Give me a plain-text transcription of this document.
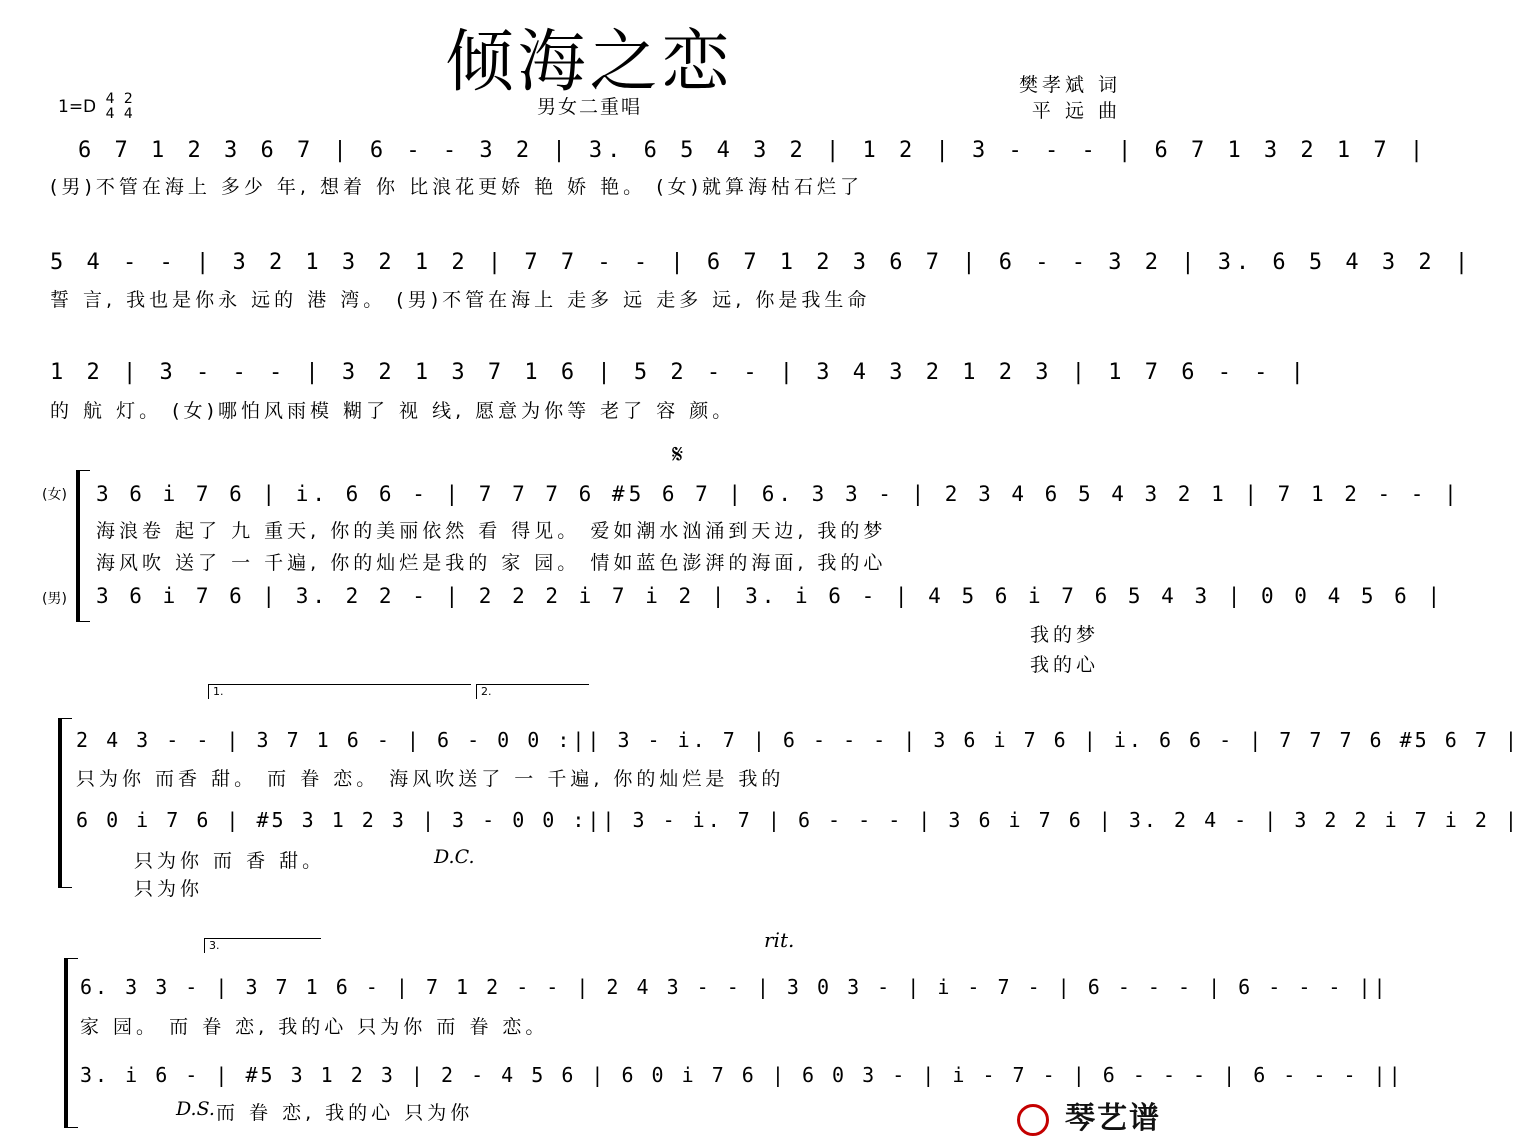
倾海之恋
男女二重唱
1=D 4
4

2
4
樊孝斌 词
平 远 曲
6 7 1 2 3 6 7 | 6 - - 3 2 | 3. 6 5 4 3 2 | 1 2 | 3 - - - | 6 7 1 3 2 1 7 |
(男)不管在海上 多少 年, 想着 你 比浪花更娇 艳 娇 艳。 (女)就算海枯石烂了
5 4 - - | 3 2 1 3 2 1 2 | 7 7 - - | 6 7 1 2 3 6 7 | 6 - - 3 2 | 3. 6 5 4 3 2 |
誓 言, 我也是你永 远的 港 湾。 (男)不管在海上 走多 远 走多 远, 你是我生命
1 2 | 3 - - - | 3 2 1 3 7 1 6 | 5 2 - - | 3 4 3 2 1 2 3 | 1 7 6 - - |
的 航 灯。 (女)哪怕风雨模 糊了 视 线, 愿意为你等 老了 容 颜。
𝄋
(女) 3 6 i 7 6 | i. 6 6 - | 7 7 7 6 #5 6 7 | 6. 3 3 - | 2 3 4 6 5 4 3 2 1 | 7 1 2 - - |
海浪卷 起了 九 重天, 你的美丽依然 看 得见。 爱如潮水汹涌到天边, 我的梦
海风吹 送了 一 千遍, 你的灿烂是我的 家 园。 情如蓝色澎湃的海面, 我的心
(男) 3 6 i 7 6 | 3. 2 2 - | 2 2 2 i 7 i 2 | 3. i 6 - | 4 5 6 i 7 6 5 4 3 | 0 0 4 5 6 |
我的梦
我的心
1.	2.
2 4 3 - - | 3 7 1 6 - | 6 - 0 0 :|| 3 - i. 7 | 6 - - - | 3 6 i 7 6 | i. 6 6 - | 7 7 7 6 #5 6 7 |
只为你 而香 甜。 而 眷 恋。 海风吹送了 一 千遍, 你的灿烂是 我的
6 0 i 7 6 | #5 3 1 2 3 | 3 - 0 0 :|| 3 - i. 7 | 6 - - - | 3 6 i 7 6 | 3. 2 4 - | 3 2 2 i 7 i 2 |
只为你 而 香 甜。	D.C.
只为你
3.	rit.
6. 3 3 - | 3 7 1 6 - | 7 1 2 - - | 2 4 3 - - | 3 0 3 - | i - 7 - | 6 - - - | 6 - - - ||
家 园。 而 眷 恋, 我的心 只为你 而 眷 恋。
3. i 6 - | #5 3 1 2 3 | 2 - 4 5 6 | 6 0 i 7 6 | 6 0 3 - | i - 7 - | 6 - - - | 6 - - - ||
D.S. 而 眷 恋, 我的心 只为你	琴艺谱
